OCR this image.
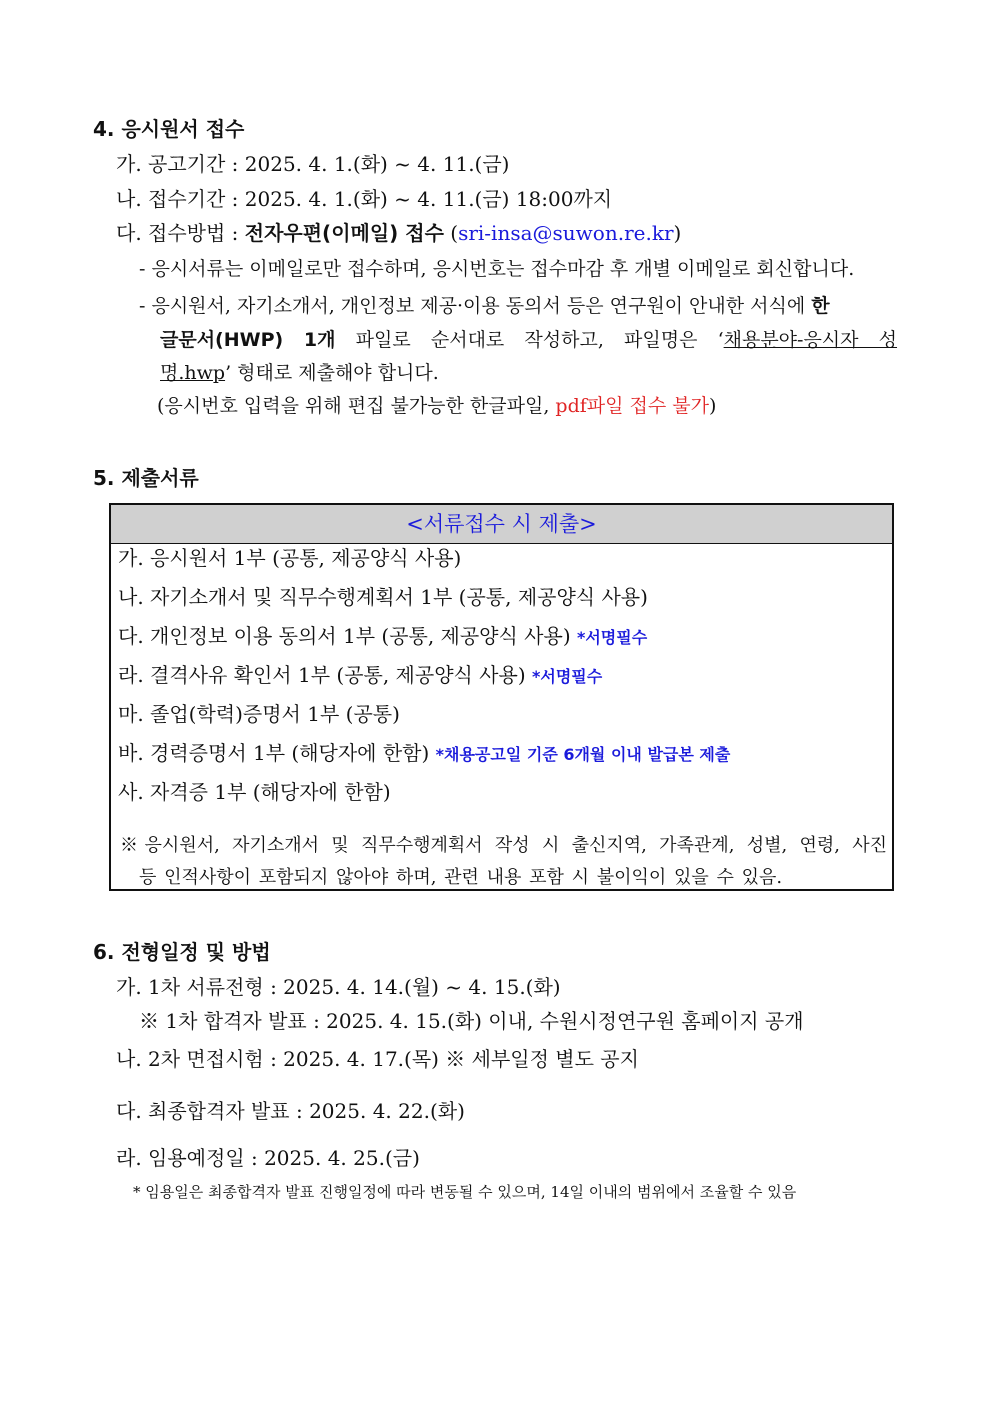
4. 응시원서 접수
가. 공고기간 : 2025. 4. 1.(화) ~ 4. 11.(금)
나. 접수기간 : 2025. 4. 1.(화) ~ 4. 11.(금) 18:00까지
다. 접수방법 : 전자우편(이메일) 접수 (sri-insa@suwon.re.kr)
- 응시서류는 이메일로만 접수하며, 응시번호는 접수마감 후 개별 이메일로 회신합니다.
- 응시원서, 자기소개서, 개인정보 제공·이용 동의서 등은 연구원이 안내한 서식에 한
글문서(HWP) 1개 파일로 순서대로 작성하고, 파일명은 ‘채용분야-응시자 성
명.hwp’ 형태로 제출해야 합니다.
(응시번호 입력을 위해 편집 불가능한 한글파일, pdf파일 접수 불가)
5. 제출서류
<서류접수 시 제출>
가. 응시원서 1부 (공통, 제공양식 사용)
나. 자기소개서 및 직무수행계획서 1부 (공통, 제공양식 사용)
다. 개인정보 이용 동의서 1부 (공통, 제공양식 사용) *서명필수
라. 결격사유 확인서 1부 (공통, 제공양식 사용) *서명필수
마. 졸업(학력)증명서 1부 (공통)
바. 경력증명서 1부 (해당자에 한함) *채용공고일 기준 6개월 이내 발급본 제출
사. 자격증 1부 (해당자에 한함)
※응시원서, 자기소개서 및 직무수행계획서 작성 시 출신지역, 가족관계, 성별, 연령, 사진
등 인적사항이 포함되지 않아야 하며, 관련 내용 포함 시 불이익이 있을 수 있음.
6. 전형일정 및 방법
가. 1차 서류전형 : 2025. 4. 14.(월) ~ 4. 15.(화)
※ 1차 합격자 발표 : 2025. 4. 15.(화) 이내, 수원시정연구원 홈페이지 공개
나. 2차 면접시험 : 2025. 4. 17.(목) ※ 세부일정 별도 공지
다. 최종합격자 발표 : 2025. 4. 22.(화)
라. 임용예정일 : 2025. 4. 25.(금)
* 임용일은 최종합격자 발표 진행일정에 따라 변동될 수 있으며, 14일 이내의 범위에서 조율할 수 있음
